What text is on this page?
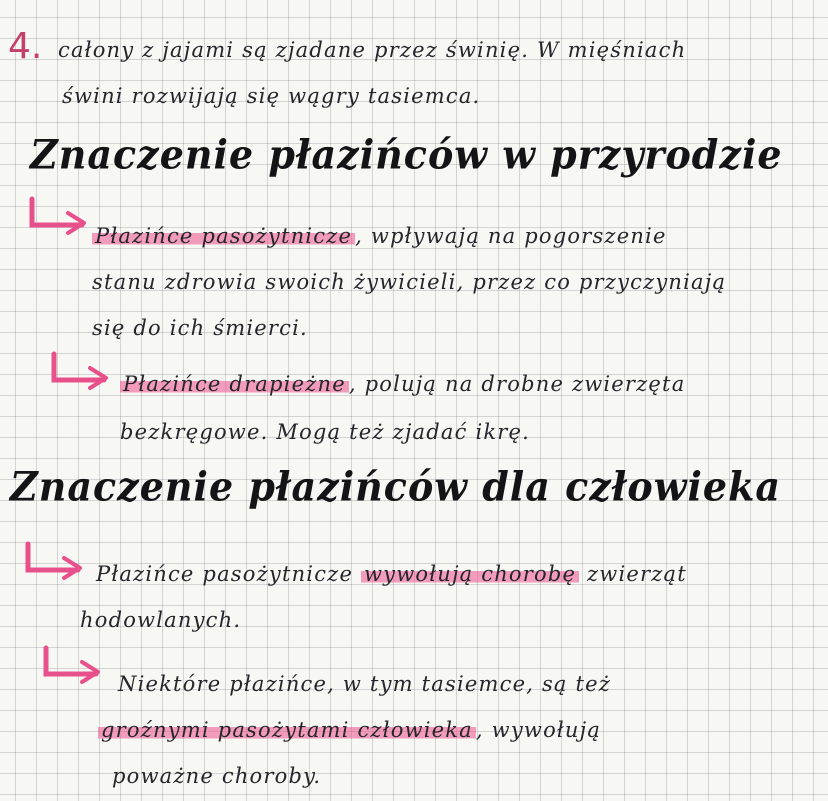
4. całony z jajami są zjadane przez świnię. W mięśniach
świni rozwijają się wągry tasiemca.
Znaczenie płazińców w przyrodzie
Płazińce pasożytnicze , wpływają na pogorszenie
stanu zdrowia swoich żywicieli, przez co przyczyniają
się do ich śmierci.
Płazińce drapieżne , polują na drobne zwierzęta
bezkręgowe. Mogą też zjadać ikrę.
Znaczenie płazińców dla człowieka
Płazińce pasożytnicze wywołują chorobę zwierząt
hodowlanych.
Niektóre płazińce, w tym tasiemce, są też
groźnymi pasożytami człowieka , wywołują
poważne choroby.
